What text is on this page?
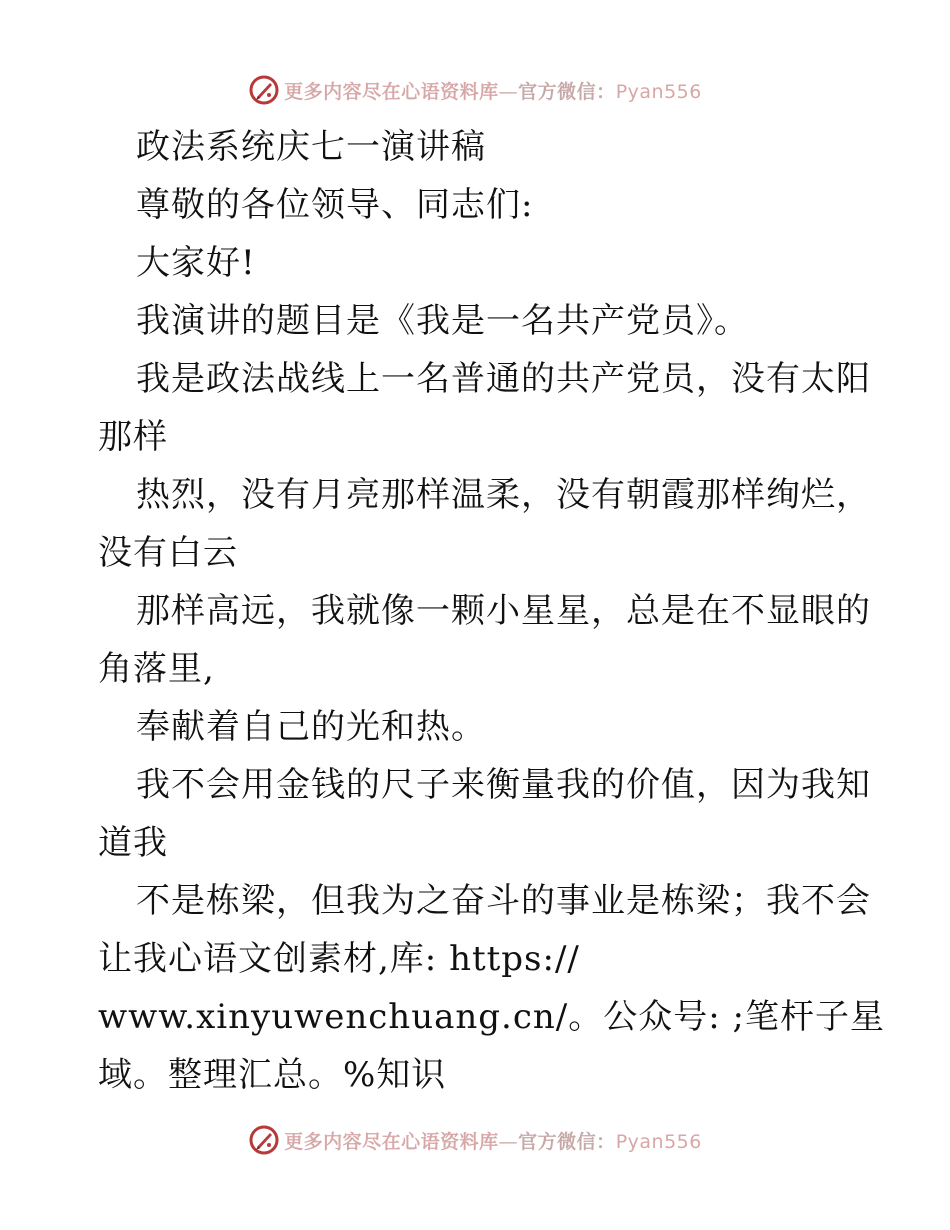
更多内容尽在心语资料库—官方微信：Pyan556
政法系统庆七一演讲稿
尊敬的各位领导、同志们:
大家好!
我演讲的题目是《我是一名共产党员》。
我是政法战线上一名普通的共产党员，没有太阳
那样
热烈，没有月亮那样温柔，没有朝霞那样绚烂，
没有白云
那样高远，我就像一颗小星星，总是在不显眼的
角落里,
奉献着自己的光和热。
我不会用金钱的尺子来衡量我的价值，因为我知
道我
不是栋梁，但我为之奋斗的事业是栋梁；我不会
让我心语文创素材,库: https://
www.xinyuwenchuang.cn/。公众号: ;笔杆子星
域。整理汇总。%知识
更多内容尽在心语资料库—官方微信：Pyan556
